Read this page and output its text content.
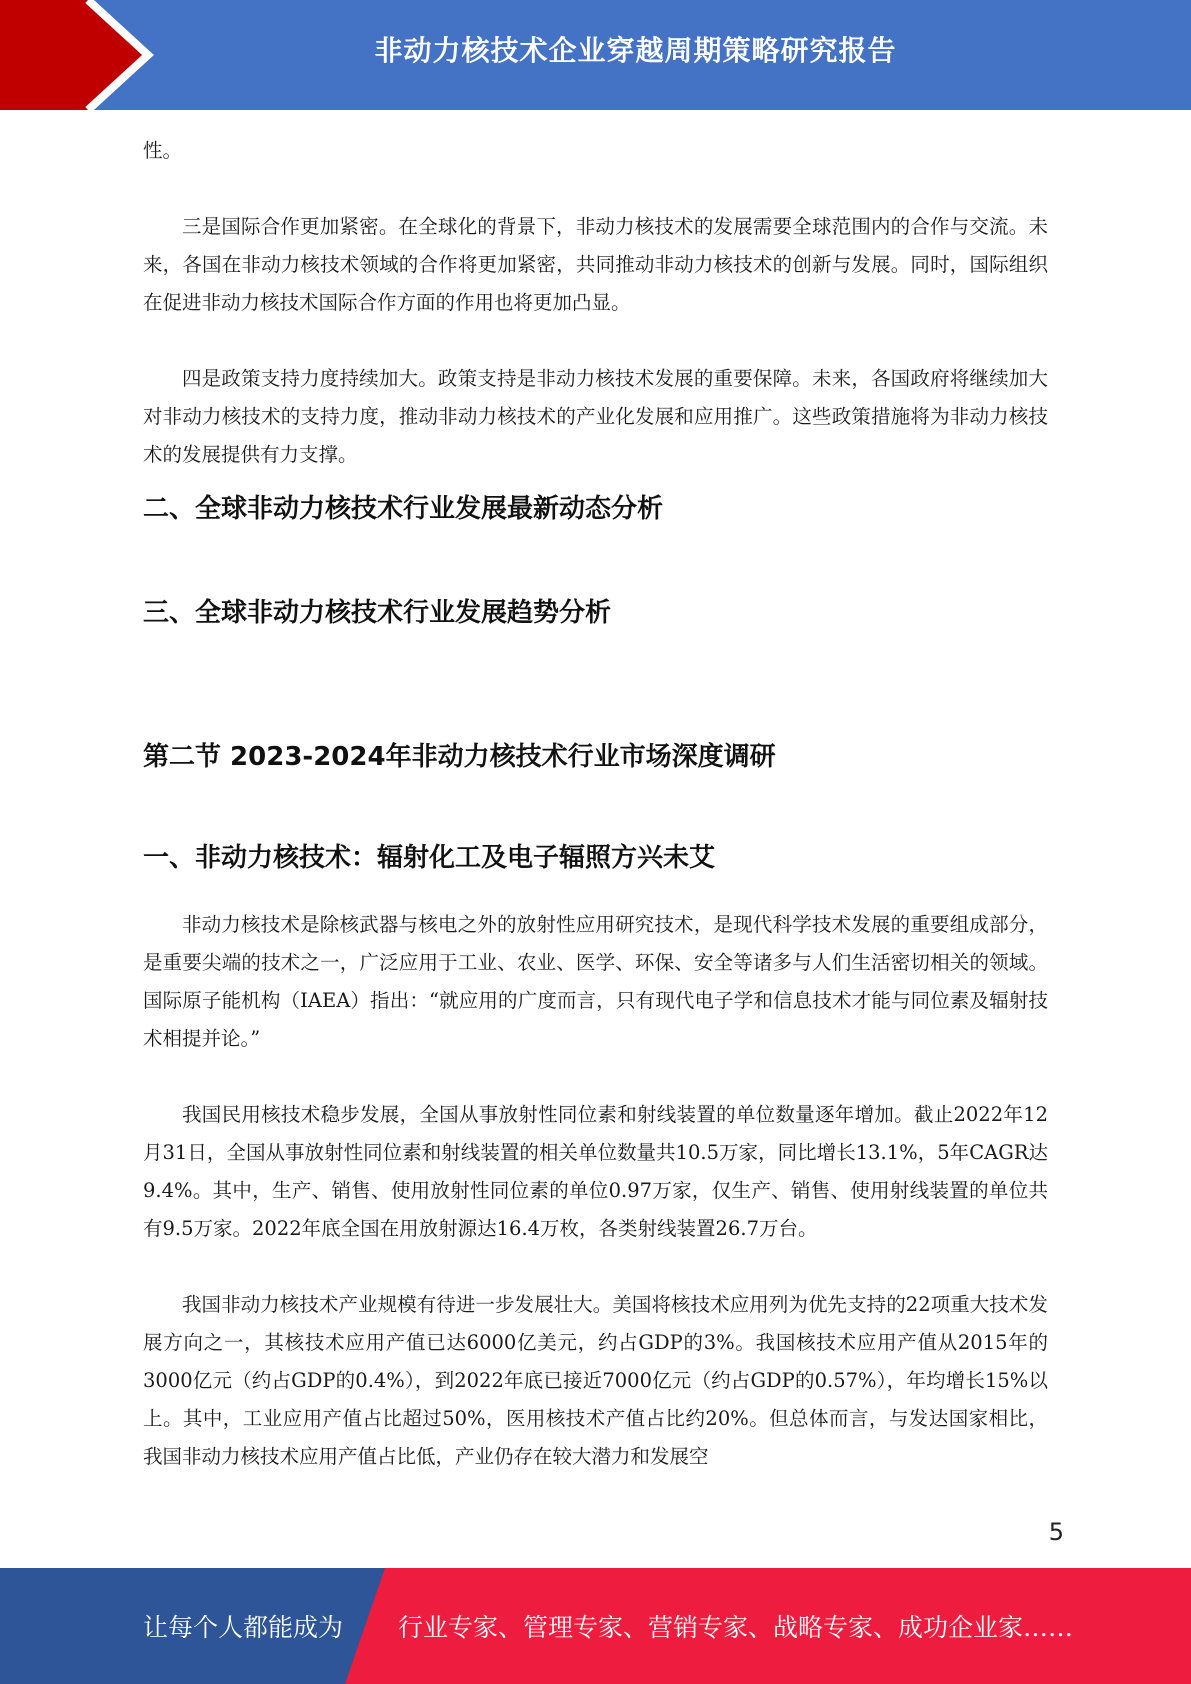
非动力核技术企业穿越周期策略研究报告

性。

三是国际合作更加紧密。在全球化的背景下，非动力核技术的发展需要全球范围内的合作与交流。未来，各国在非动力核技术领域的合作将更加紧密，共同推动非动力核技术的创新与发展。同时，国际组织在促进非动力核技术国际合作方面的作用也将更加凸显。

四是政策支持力度持续加大。政策支持是非动力核技术发展的重要保障。未来，各国政府将继续加大对非动力核技术的支持力度，推动非动力核技术的产业化发展和应用推广。这些政策措施将为非动力核技术的发展提供有力支撑。

二、全球非动力核技术行业发展最新动态分析
三、全球非动力核技术行业发展趋势分析
第二节 2023-2024年非动力核技术行业市场深度调研
一、非动力核技术：辐射化工及电子辐照方兴未艾

非动力核技术是除核武器与核电之外的放射性应用研究技术，是现代科学技术发展的重要组成部分，是重要尖端的技术之一，广泛应用于工业、农业、医学、环保、安全等诸多与人们生活密切相关的领域。国际原子能机构（IAEA）指出：“就应用的广度而言，只有现代电子学和信息技术才能与同位素及辐射技术相提并论。”

我国民用核技术稳步发展，全国从事放射性同位素和射线装置的单位数量逐年增加。截止2022年12月31日，全国从事放射性同位素和射线装置的相关单位数量共10.5万家，同比增长13.1%，5年CAGR达9.4%。其中，生产、销售、使用放射性同位素的单位0.97万家，仅生产、销售、使用射线装置的单位共有9.5万家。2022年底全国在用放射源达16.4万枚，各类射线装置26.7万台。

我国非动力核技术产业规模有待进一步发展壮大。美国将核技术应用列为优先支持的22项重大技术发展方向之一，其核技术应用产值已达6000亿美元，约占GDP的3%。我国核技术应用产值从2015年的3000亿元（约占GDP的0.4%），到2022年底已接近7000亿元（约占GDP的0.57%），年均增长15%以上。其中，工业应用产值占比超过50%，医用核技术产值占比约20%。但总体而言，与发达国家相比，我国非动力核技术应用产值占比低，产业仍存在较大潜力和发展空

5
让每个人都能成为 行业专家、管理专家、营销专家、战略专家、成功企业家……
